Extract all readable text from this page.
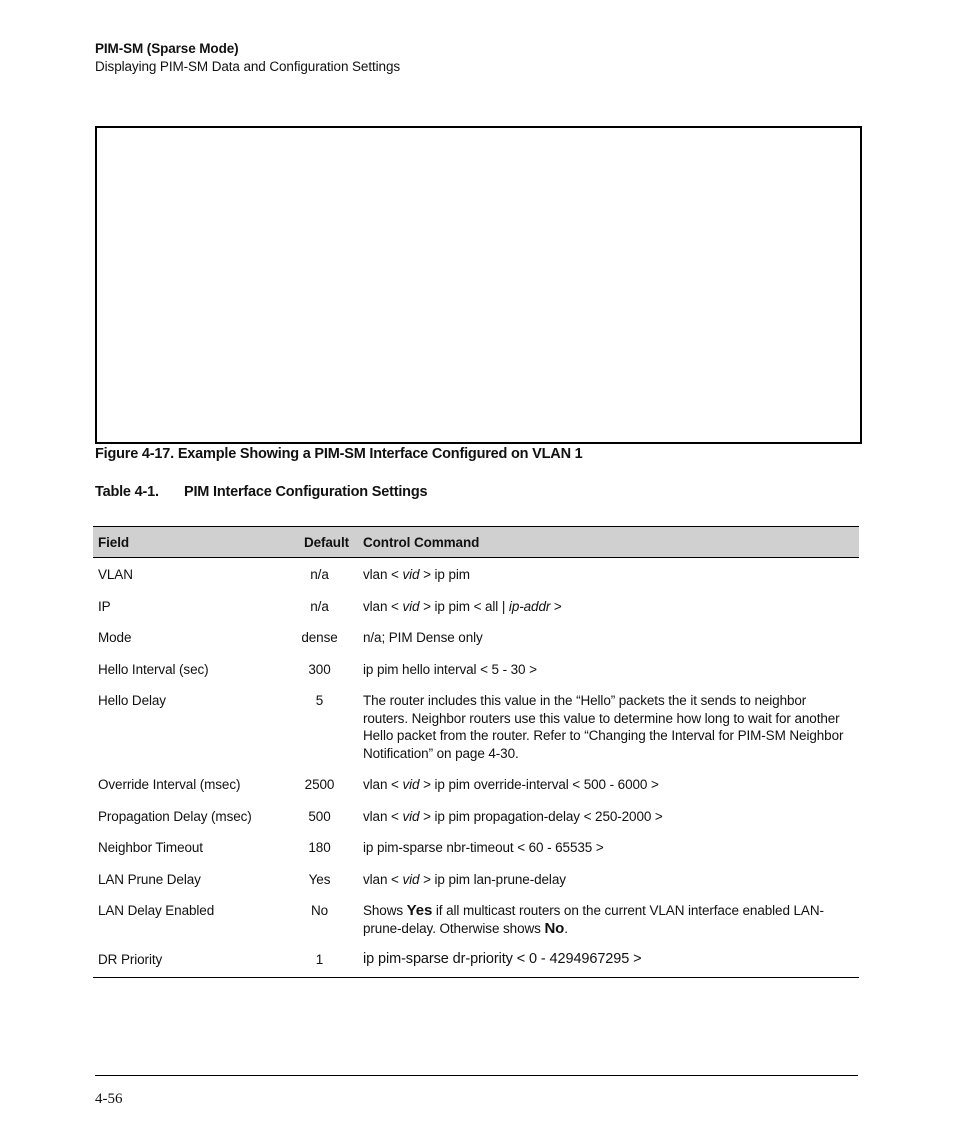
PIM-SM (Sparse Mode)
Displaying PIM-SM Data and Configuration Settings
Figure 4-17. Example Showing a PIM-SM Interface Configured on VLAN 1
Table 4-1. PIM Interface Configuration Settings
Field	Default	Control Command
VLAN	n/a	vlan < vid > ip pim
IP	n/a	vlan < vid > ip pim < all | ip-addr >
Mode	dense	n/a; PIM Dense only
Hello Interval (sec)	300	ip pim hello interval < 5 - 30 >
Hello Delay	5	The router includes this value in the “Hello” packets the it sends to neighbor routers. Neighbor routers use this value to determine how long to wait for another Hello packet from the router. Refer to “Changing the Interval for PIM-SM Neighbor Notification” on page 4-30.
Override Interval (msec)	2500	vlan < vid > ip pim override-interval < 500 - 6000 >
Propagation Delay (msec)	500	vlan < vid > ip pim propagation-delay < 250-2000 >
Neighbor Timeout	180	ip pim-sparse nbr-timeout < 60 - 65535 >
LAN Prune Delay	Yes	vlan < vid > ip pim lan-prune-delay
LAN Delay Enabled	No	Shows Yes if all multicast routers on the current VLAN interface enabled LAN-prune-delay. Otherwise shows No.
DR Priority	1	ip pim-sparse dr-priority < 0 - 4294967295 >
4-56
